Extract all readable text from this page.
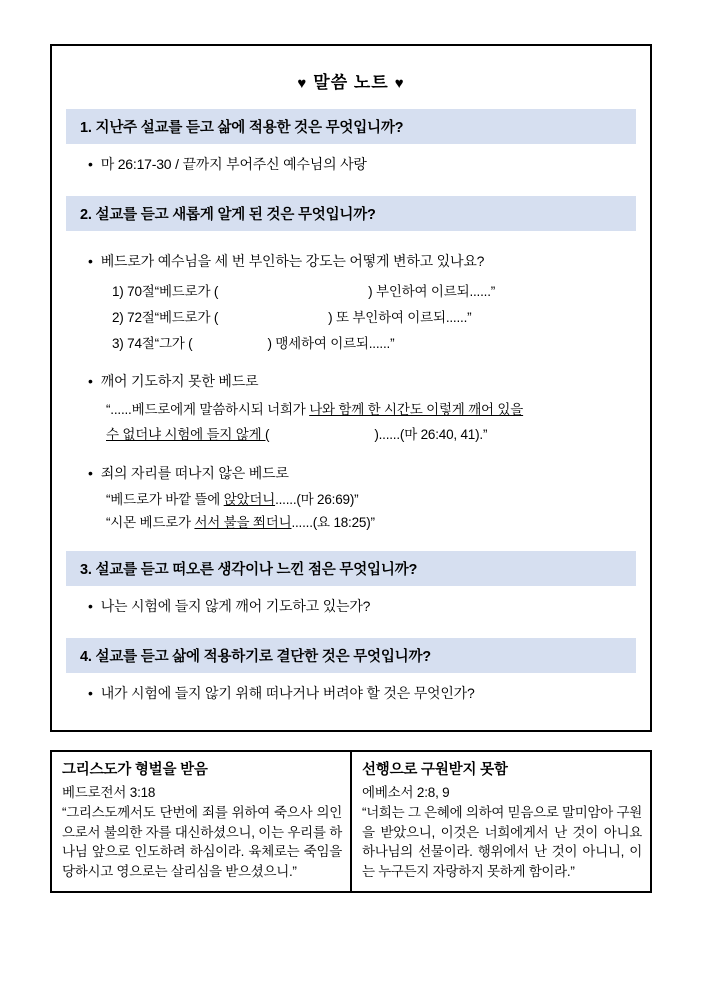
♥ 말씀 노트 ♥
1. 지난주 설교를 듣고 삶에 적용한 것은 무엇입니까?
• 마 26:17-30 / 끝까지 부어주신 예수님의 사랑
2. 설교를 듣고 새롭게 알게 된 것은 무엇입니까?
• 베드로가 예수님을 세 번 부인하는 강도는 어떻게 변하고 있나요?
1) 70절“베드로가 (	) 부인하여 이르되......”
2) 72절“베드로가 (	) 또 부인하여 이르되......”
3) 74절“그가 (	) 맹세하여 이르되......”
• 깨어 기도하지 못한 베드로
“......베드로에게 말씀하시되 너희가 나와 함께 한 시간도 이렇게 깨어 있을
수 없더냐 시험에 들지 않게 (	)......(마 26:40, 41).”
• 죄의 자리를 떠나지 않은 베드로
“베드로가 바깥 뜰에 앉았더니......(마 26:69)”
“시몬 베드로가 서서 불을 쬐더니......(요 18:25)”
3. 설교를 듣고 떠오른 생각이나 느낀 점은 무엇입니까?
• 나는 시험에 들지 않게 깨어 기도하고 있는가?
4. 설교를 듣고 삶에 적용하기로 결단한 것은 무엇입니까?
• 내가 시험에 들지 않기 위해 떠나거나 버려야 할 것은 무엇인가?
그리스도가 형벌을 받음
베드로전서 3:18
“그리스도께서도 단번에 죄를 위하여 죽으사 의인으로서 불의한 자를 대신하셨으니, 이는 우리를 하나님 앞으로 인도하려 하심이라. 육체로는 죽임을 당하시고 영으로는 살리심을 받으셨으니.”

선행으로 구원받지 못함
에베소서 2:8, 9
“너희는 그 은혜에 의하여 믿음으로 말미암아 구원을 받았으니, 이것은 너희에게서 난 것이 아니요 하나님의 선물이라. 행위에서 난 것이 아니니, 이는 누구든지 자랑하지 못하게 함이라.”
